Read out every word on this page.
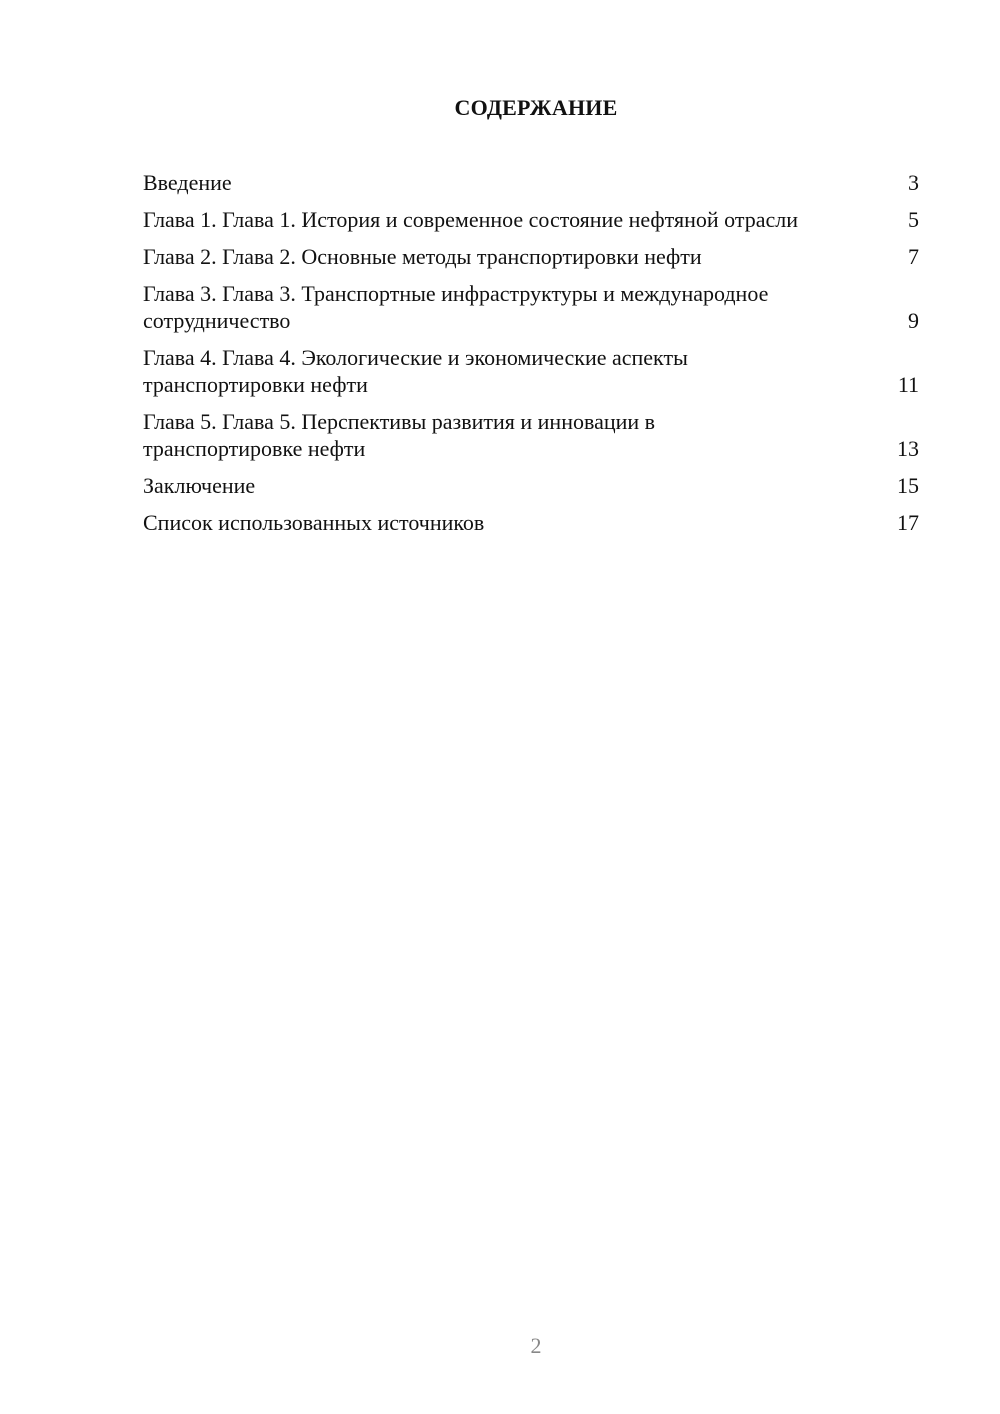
СОДЕРЖАНИЕ
Введение	3
Глава 1. Глава 1. История и современное состояние нефтяной отрасли	5
Глава 2. Глава 2. Основные методы транспортировки нефти	7
Глава 3. Глава 3. Транспортные инфраструктуры и международное сотрудничество	9
Глава 4. Глава 4. Экологические и экономические аспекты транспортировки нефти	11
Глава 5. Глава 5. Перспективы развития и инновации в транспортировке нефти	13
Заключение	15
Список использованных источников	17
2
